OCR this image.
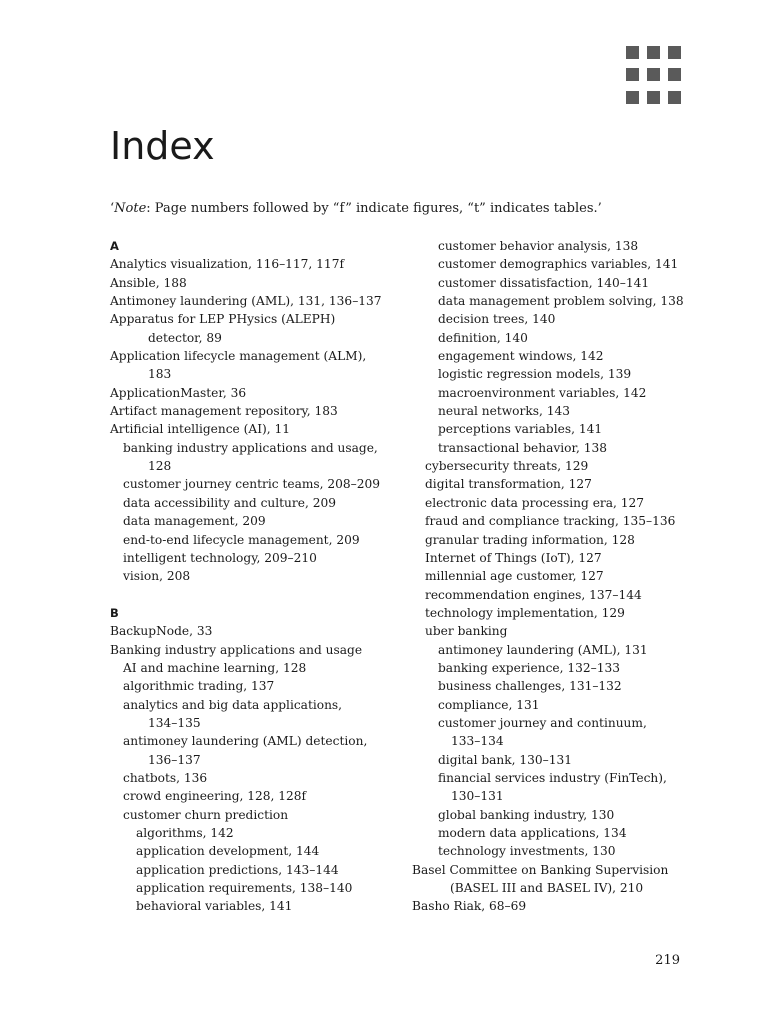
Index

‘Note: Page numbers followed by “f” indicate figures, “t” indicates tables.’

A
Analytics visualization, 116–117, 117f
Ansible, 188
Antimoney laundering (AML), 131, 136–137
Apparatus for LEP PHysics (ALEPH)
detector, 89
Application lifecycle management (ALM),
183
ApplicationMaster, 36
Artifact management repository, 183
Artificial intelligence (AI), 11
banking industry applications and usage,
128
customer journey centric teams, 208–209
data accessibility and culture, 209
data management, 209
end-to-end lifecycle management, 209
intelligent technology, 209–210
vision, 208
B
BackupNode, 33
Banking industry applications and usage
AI and machine learning, 128
algorithmic trading, 137
analytics and big data applications,
134–135
antimoney laundering (AML) detection,
136–137
chatbots, 136
crowd engineering, 128, 128f
customer churn prediction
algorithms, 142
application development, 144
application predictions, 143–144
application requirements, 138–140
behavioral variables, 141
customer behavior analysis, 138
customer demographics variables, 141
customer dissatisfaction, 140–141
data management problem solving, 138
decision trees, 140
definition, 140
engagement windows, 142
logistic regression models, 139
macroenvironment variables, 142
neural networks, 143
perceptions variables, 141
transactional behavior, 138
cybersecurity threats, 129
digital transformation, 127
electronic data processing era, 127
fraud and compliance tracking, 135–136
granular trading information, 128
Internet of Things (IoT), 127
millennial age customer, 127
recommendation engines, 137–144
technology implementation, 129
uber banking
antimoney laundering (AML), 131
banking experience, 132–133
business challenges, 131–132
compliance, 131
customer journey and continuum,
133–134
digital bank, 130–131
financial services industry (FinTech),
130–131
global banking industry, 130
modern data applications, 134
technology investments, 130
Basel Committee on Banking Supervision
(BASEL III and BASEL IV), 210
Basho Riak, 68–69
219
